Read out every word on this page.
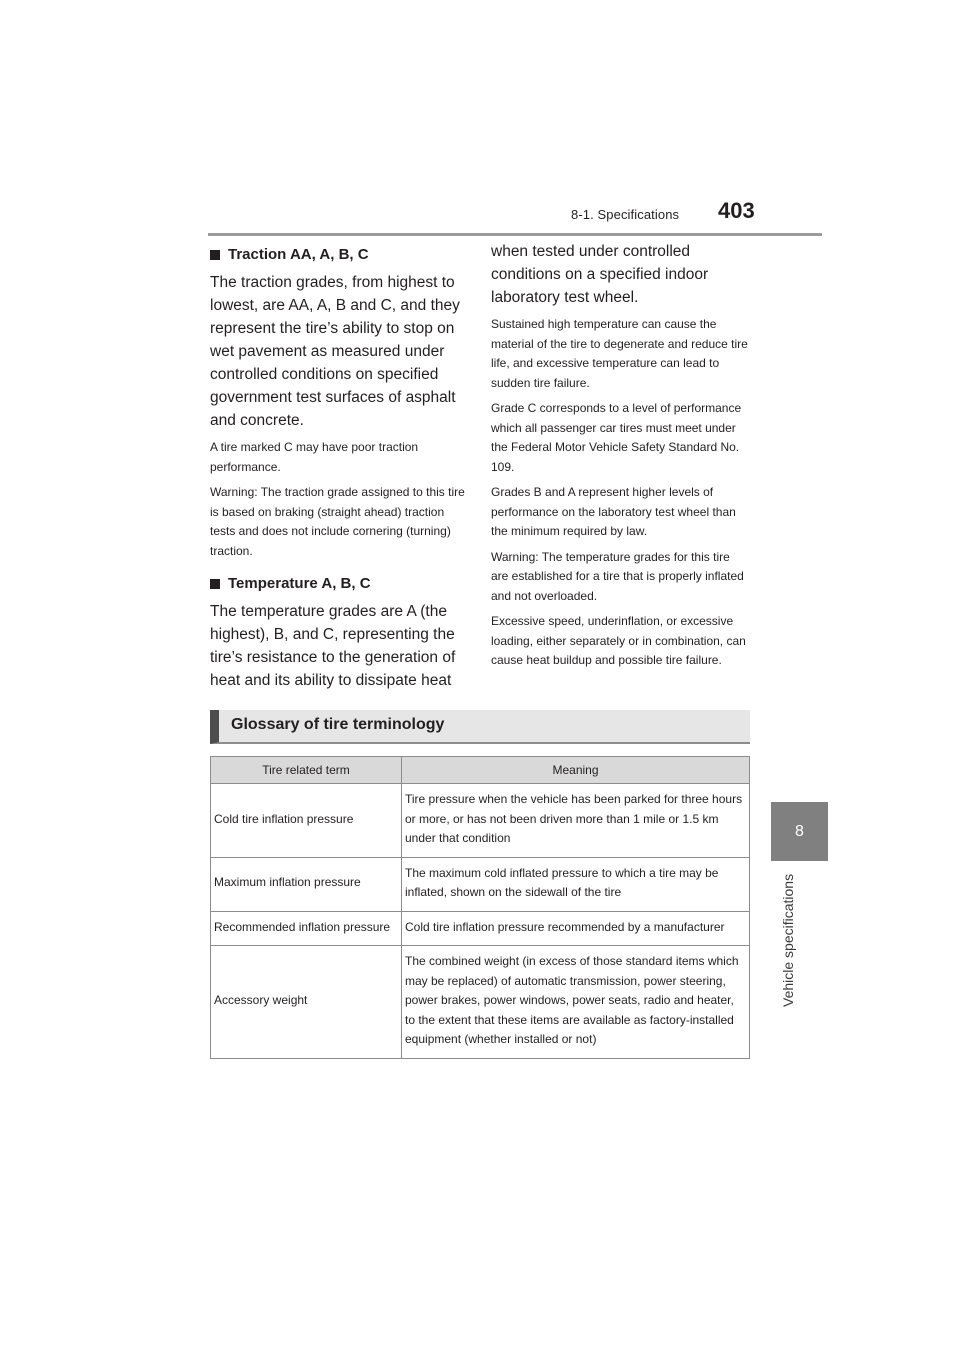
8-1. Specifications 403
8
Vehicle specifications
Traction AA, A, B, C

The traction grades, from highest to lowest, are AA, A, B and C, and they represent the tire’s ability to stop on wet pavement as measured under controlled conditions on specified government test surfaces of asphalt and concrete.

A tire marked C may have poor traction performance.

Warning: The traction grade assigned to this tire is based on braking (straight ahead) traction tests and does not include cornering (turning) traction.

Temperature A, B, C

The temperature grades are A (the highest), B, and C, representing the tire’s resistance to the generation of heat and its ability to dissipate heat

when tested under controlled conditions on a specified indoor laboratory test wheel.

Sustained high temperature can cause the material of the tire to degenerate and reduce tire life, and excessive temperature can lead to sudden tire failure.

Grade C corresponds to a level of performance which all passenger car tires must meet under the Federal Motor Vehicle Safety Standard No. 109.

Grades B and A represent higher levels of performance on the laboratory test wheel than the minimum required by law.

Warning: The temperature grades for this tire are established for a tire that is properly inflated and not overloaded.

Excessive speed, underinflation, or excessive loading, either separately or in combination, can cause heat buildup and possible tire failure.

Glossary of tire terminology
Tire related term	Meaning
Cold tire inflation pressure	Tire pressure when the vehicle has been parked for three hours or more, or has not been driven more than 1 mile or 1.5 km under that condition
Maximum inflation pressure	The maximum cold inflated pressure to which a tire may be inflated, shown on the sidewall of the tire
Recommended inflation pressure	Cold tire inflation pressure recommended by a manufacturer
Accessory weight	The combined weight (in excess of those standard items which may be replaced) of automatic transmission, power steering, power brakes, power windows, power seats, radio and heater, to the extent that these items are available as factory-installed equipment (whether installed or not)
